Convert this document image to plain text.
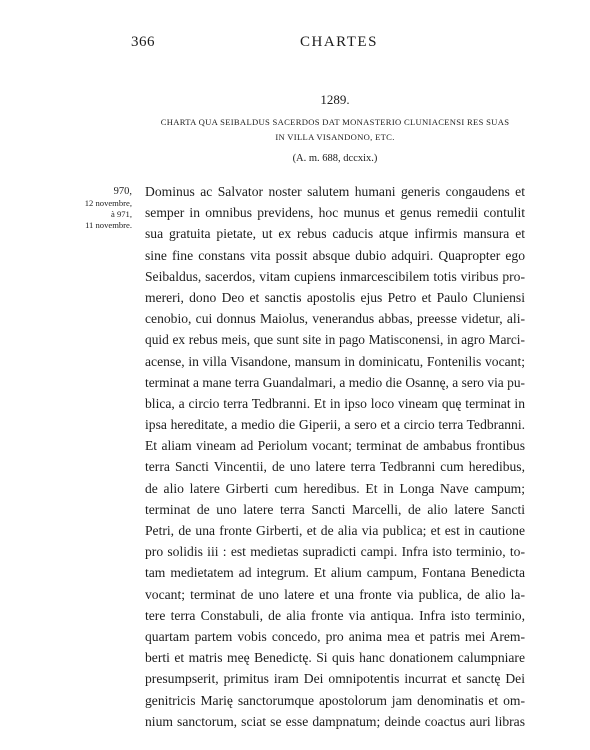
366	CHARTES
1289.
CHARTA QUA SEIBALDUS SACERDOS DAT MONASTERIO CLUNIACENSI RES SUAS
IN VILLA VISANDONO, ETC.
(A. m. 688, dccxix.)
970,
12 novembre,
à 971,
11 novembre.
Dominus ac Salvator noster salutem humani generis congaudens et
semper in omnibus previdens, hoc munus et genus remedii contulit
sua gratuita pietate, ut ex rebus caducis atque infirmis mansura et
sine fine constans vita possit absque dubio adquiri. Quapropter ego
Seibaldus, sacerdos, vitam cupiens inmarcescibilem totis viribus pro-
mereri, dono Deo et sanctis apostolis ejus Petro et Paulo Cluniensi
cenobio, cui donnus Maiolus, venerandus abbas, preesse videtur, ali-
quid ex rebus meis, que sunt site in pago Matisconensi, in agro Marci-
acense, in villa Visandone, mansum in dominicatu, Fontenilis vocant;
terminat a mane terra Guandalmari, a medio die Osannę, a sero via pu-
blica, a circio terra Tedbranni. Et in ipso loco vineam quę terminat in
ipsa hereditate, a medio die Giperii, a sero et a circio terra Tedbranni.
Et aliam vineam ad Periolum vocant; terminat de ambabus frontibus
terra Sancti Vincentii, de uno latere terra Tedbranni cum heredibus,
de alio latere Girberti cum heredibus. Et in Longa Nave campum;
terminat de uno latere terra Sancti Marcelli, de alio latere Sancti
Petri, de una fronte Girberti, et de alia via publica; et est in cautione
pro solidis iii : est medietas supradicti campi. Infra isto terminio, to-
tam medietatem ad integrum. Et alium campum, Fontana Benedicta
vocant; terminat de uno latere et una fronte via publica, de alio la-
tere terra Constabuli, de alia fronte via antiqua. Infra isto terminio,
quartam partem vobis concedo, pro anima mea et patris mei Arem-
berti et matris meę Benedictę. Si quis hanc donationem calumpniare
presumpserit, primitus iram Dei omnipotentis incurrat et sanctę Dei
genitricis Marię sanctorumque apostolorum jam denominatis et om-
nium sanctorum, sciat se esse dampnatum; deinde coactus auri libras
